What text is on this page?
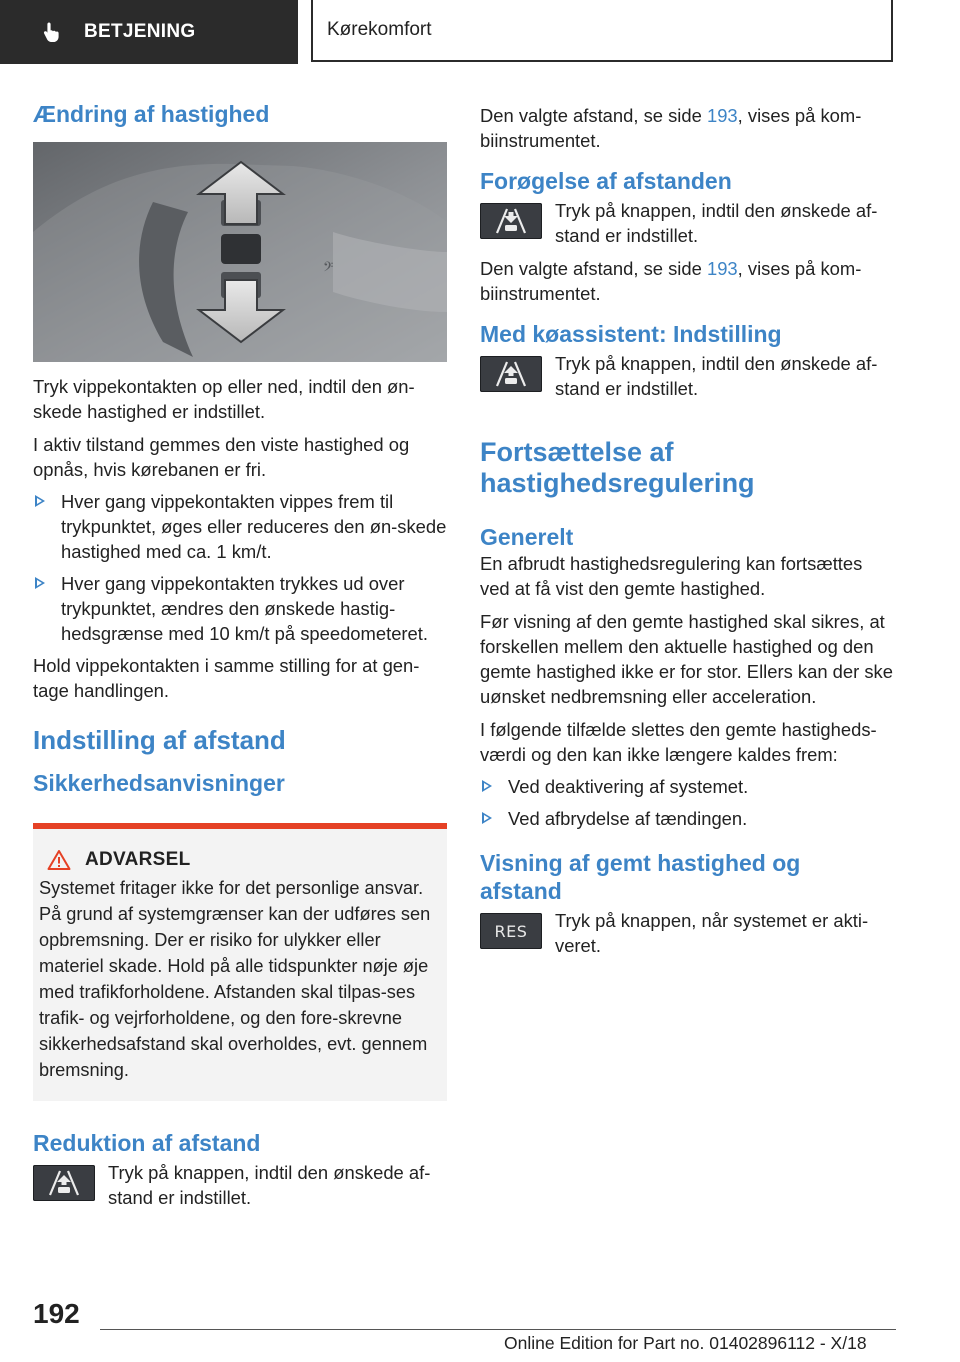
BETJENING	Kørekomfort
Ændring af hastighed
𝄢

Tryk vippekontakten op eller ned, indtil den øn-skede hastighed er indstillet.

I aktiv tilstand gemmes den viste hastighed og opnås, hvis kørebanen er fri.

Hver gang vippekontakten vippes frem til trykpunktet, øges eller reduceres den øn-skede hastighed med ca. 1 km/t.
Hver gang vippekontakten trykkes ud over trykpunktet, ændres den ønskede hastig-hedsgrænse med 10 km/t på speedometeret.

Hold vippekontakten i samme stilling for at gen-tage handlingen.

Indstilling af afstand
Sikkerhedsanvisninger
ADVARSEL

Systemet fritager ikke for det personlige ansvar. På grund af systemgrænser kan der udføres sen opbremsning. Der er risiko for ulykker eller materiel skade. Hold på alle tidspunkter nøje øje med trafikforholdene. Afstanden skal tilpas-ses trafik- og vejrforholdene, og den fore-skrevne sikkerhedsafstand skal overholdes, evt. gennem bremsning.

Reduktion af afstand

Tryk på knappen, indtil den ønskede af-stand er indstillet.

Den valgte afstand, se side 193, vises på kom-biinstrumentet.

Forøgelse af afstanden

Tryk på knappen, indtil den ønskede af-stand er indstillet.

Den valgte afstand, se side 193, vises på kom-biinstrumentet.

Med køassistent: Indstilling

Tryk på knappen, indtil den ønskede af-stand er indstillet.

Fortsættelse af
hastighedsregulering
Generelt

En afbrudt hastighedsregulering kan fortsættes ved at få vist den gemte hastighed.

Før visning af den gemte hastighed skal sikres, at forskellen mellem den aktuelle hastighed og den gemte hastighed ikke er for stor. Ellers kan der ske uønsket nedbremsning eller acceleration.

I følgende tilfælde slettes den gemte hastigheds-værdi og den kan ikke længere kaldes frem:

Ved deaktivering af systemet.
Ved afbrydelse af tændingen.
Visning af gemt hastighed og
afstand
RES Tryk på knappen, når systemet er akti-veret.

192
Online Edition for Part no. 01402896112 - X/18
